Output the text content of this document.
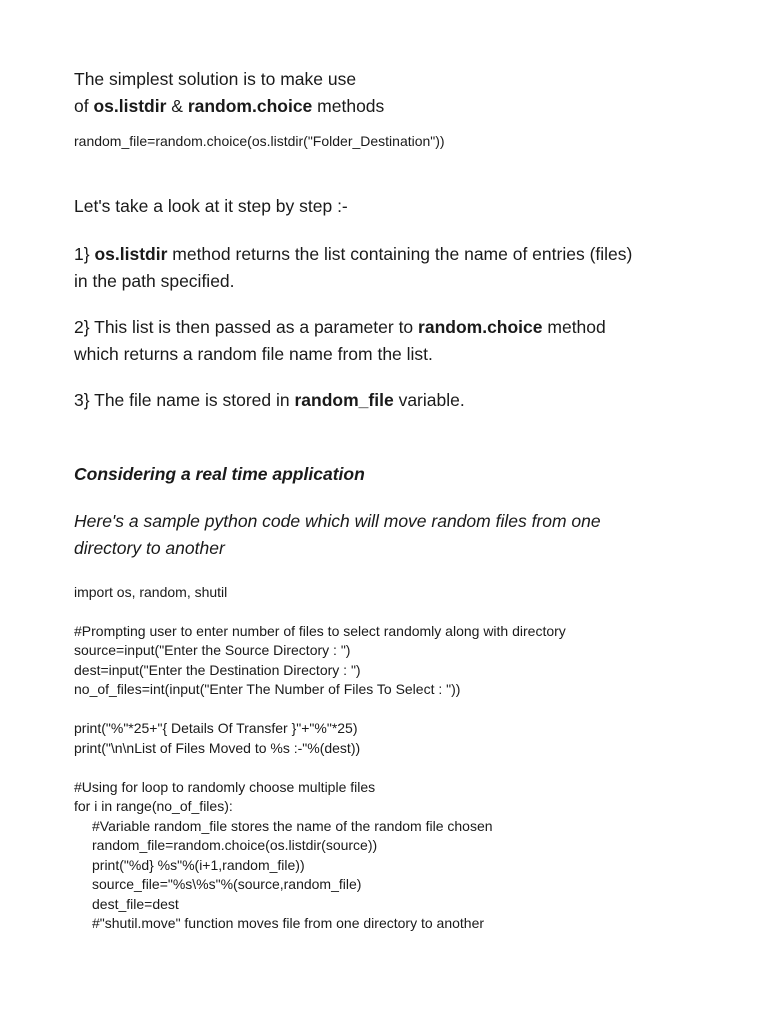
The simplest solution is to make use
of os.listdir & random.choice methods

random_file=random.choice(os.listdir("Folder_Destination"))

Let's take a look at it step by step :-

1} os.listdir method returns the list containing the name of entries (files)
in the path specified.

2} This list is then passed as a parameter to random.choice method
which returns a random file name from the list.

3} The file name is stored in random_file variable.

Considering a real time application

Here's a sample python code which will move random files from one
directory to another

import os, random, shutil

#Prompting user to enter number of files to select randomly along with directory

source=input("Enter the Source Directory : ")

dest=input("Enter the Destination Directory : ")

no_of_files=int(input("Enter The Number of Files To Select : "))

print("%"*25+"{ Details Of Transfer }"+"%"*25)

print("\n\nList of Files Moved to %s :-"%(dest))

#Using for loop to randomly choose multiple files

for i in range(no_of_files):

#Variable random_file stores the name of the random file chosen

random_file=random.choice(os.listdir(source))

print("%d} %s"%(i+1,random_file))

source_file="%s\%s"%(source,random_file)

dest_file=dest

#"shutil.move" function moves file from one directory to another
